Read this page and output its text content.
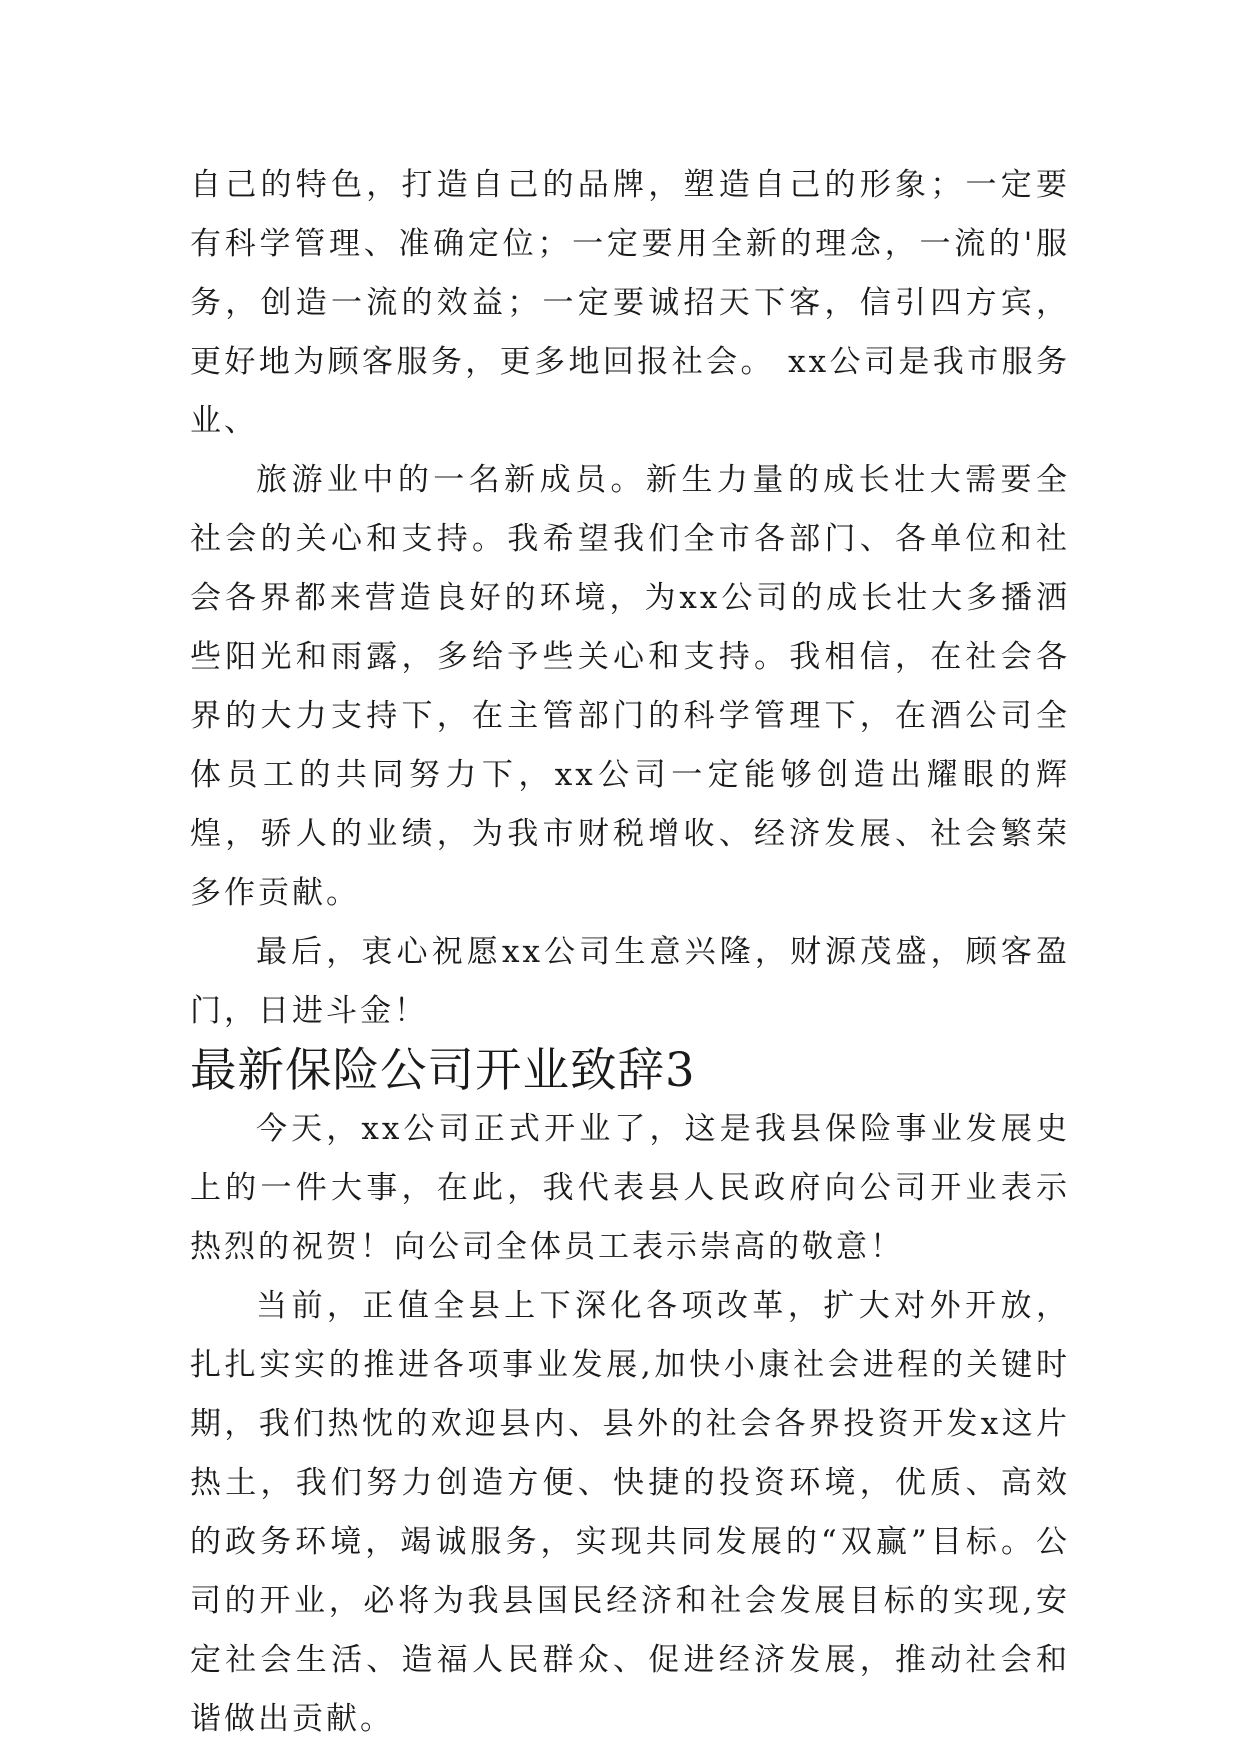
自己的特色，打造自己的品牌，塑造自己的形象；一定要有科学管理、准确定位；一定要用全新的理念，一流的'服务，创造一流的效益；一定要诚招天下客，信引四方宾，更好地为顾客服务，更多地回报社会。 xx公司是我市服务业、

旅游业中的一名新成员。新生力量的成长壮大需要全社会的关心和支持。我希望我们全市各部门、各单位和社会各界都来营造良好的环境，为xx公司的成长壮大多播洒些阳光和雨露，多给予些关心和支持。我相信，在社会各界的大力支持下，在主管部门的科学管理下，在酒公司全体员工的共同努力下，xx公司一定能够创造出耀眼的辉煌，骄人的业绩，为我市财税增收、经济发展、社会繁荣多作贡献。

最后，衷心祝愿xx公司生意兴隆，财源茂盛，顾客盈门，日进斗金！

最新保险公司开业致辞3

今天，xx公司正式开业了，这是我县保险事业发展史上的一件大事，在此，我代表县人民政府向公司开业表示热烈的祝贺！向公司全体员工表示崇高的敬意！

当前，正值全县上下深化各项改革，扩大对外开放，扎扎实实的推进各项事业发展,加快小康社会进程的关键时期，我们热忱的欢迎县内、县外的社会各界投资开发x这片热土，我们努力创造方便、快捷的投资环境，优质、高效的政务环境，竭诚服务，实现共同发展的“双赢”目标。公司的开业，必将为我县国民经济和社会发展目标的实现,安定社会生活、造福人民群众、促进经济发展，推动社会和谐做出贡献。
